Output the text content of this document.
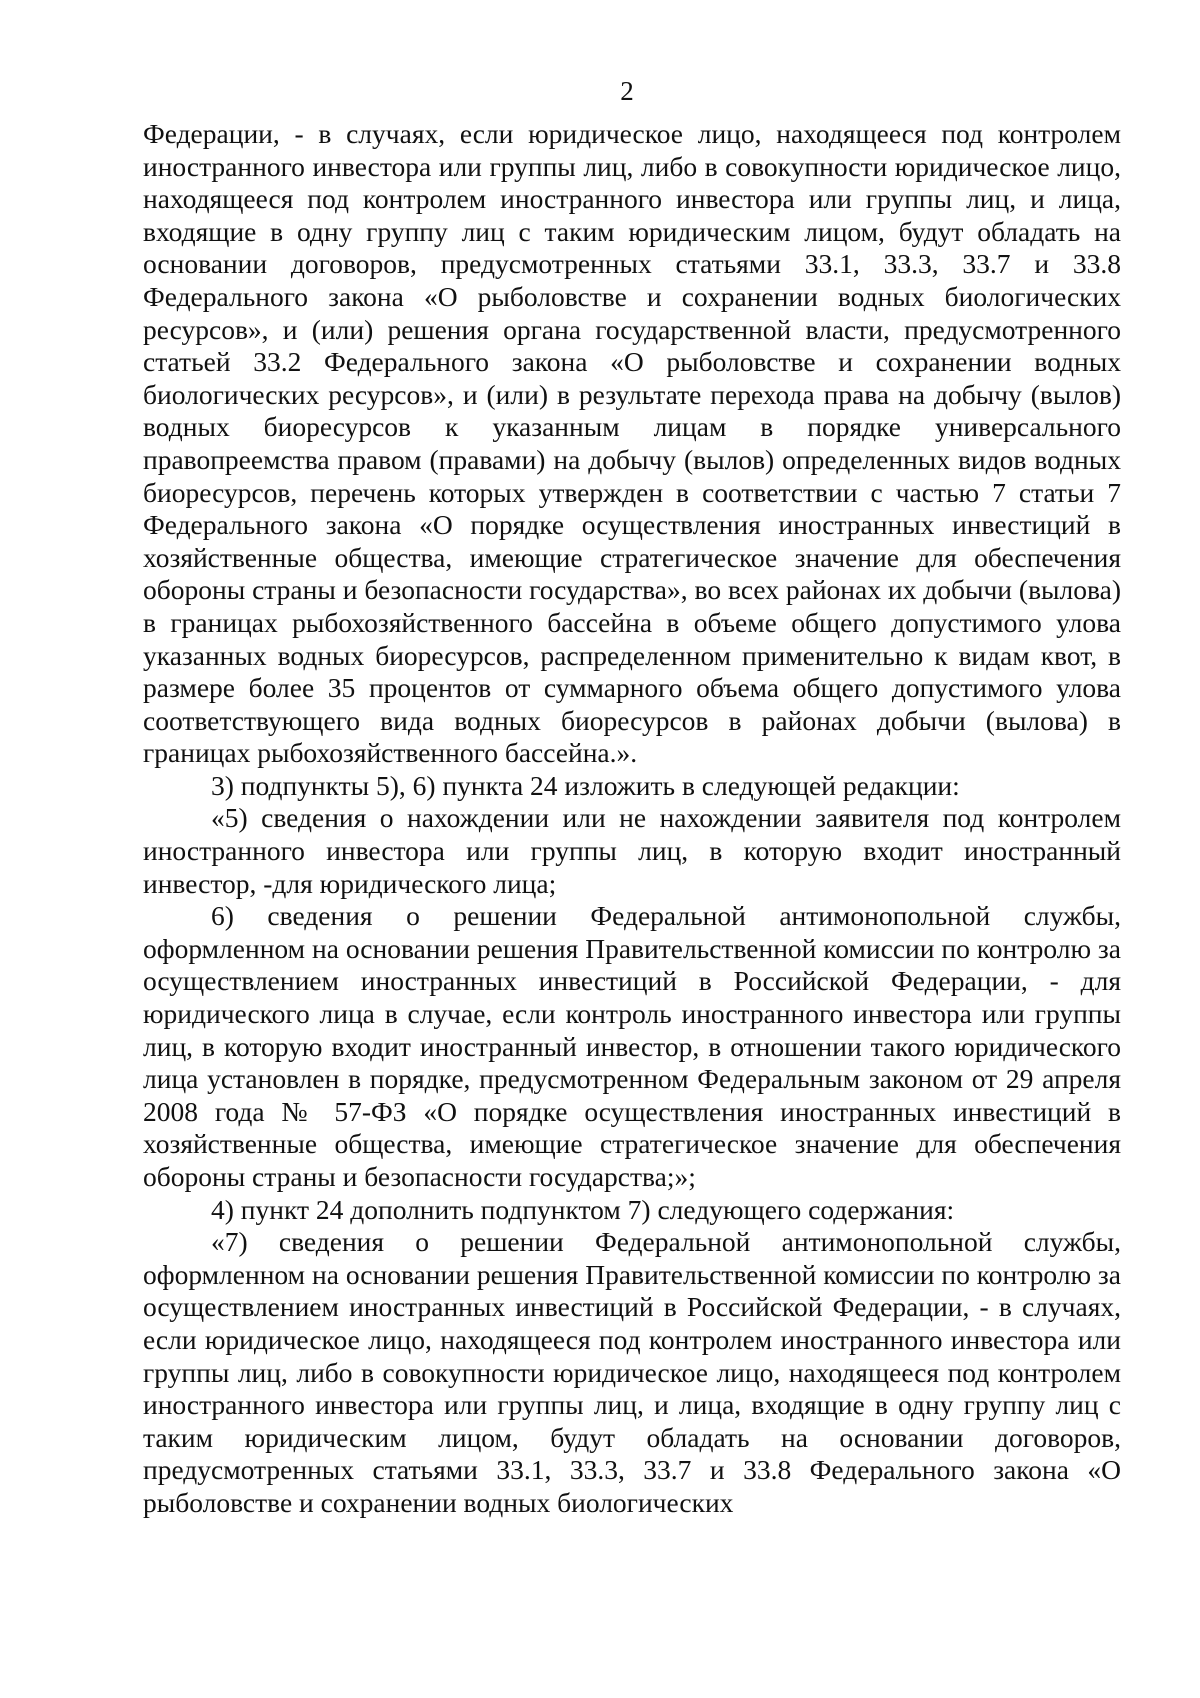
2

Федерации, - в случаях, если юридическое лицо, находящееся под контролем иностранного инвестора или группы лиц, либо в совокупности юридическое лицо, находящееся под контролем иностранного инвестора или группы лиц, и лица, входящие в одну группу лиц с таким юридическим лицом, будут обладать на основании договоров, предусмотренных статьями 33.1, 33.3, 33.7 и 33.8 Федерального закона «О рыболовстве и сохранении водных биологических ресурсов», и (или) решения органа государственной власти, предусмотренного статьей 33.2 Федерального закона «О рыболовстве и сохранении водных биологических ресурсов», и (или) в результате перехода права на добычу (вылов) водных биоресурсов к указанным лицам в порядке универсального правопреемства правом (правами) на добычу (вылов) определенных видов водных биоресурсов, перечень которых утвержден в соответствии с частью 7 статьи 7 Федерального закона «О порядке осуществления иностранных инвестиций в хозяйственные общества, имеющие стратегическое значение для обеспечения обороны страны и безопасности государства», во всех районах их добычи (вылова) в границах рыбохозяйственного бассейна в объеме общего допустимого улова указанных водных биоресурсов, распределенном применительно к видам квот, в размере более 35 процентов от суммарного объема общего допустимого улова соответствующего вида водных биоресурсов в районах добычи (вылова) в границах рыбохозяйственного бассейна.».

3) подпункты 5), 6) пункта 24 изложить в следующей редакции:

«5) сведения о нахождении или не нахождении заявителя под контролем иностранного инвестора или группы лиц, в которую входит иностранный инвестор, -для юридического лица;

6) сведения о решении Федеральной антимонопольной службы, оформленном на основании решения Правительственной комиссии по контролю за осуществлением иностранных инвестиций в Российской Федерации, - для юридического лица в случае, если контроль иностранного инвестора или группы лиц, в которую входит иностранный инвестор, в отношении такого юридического лица установлен в порядке, предусмотренном Федеральным законом от 29 апреля 2008 года № 57-ФЗ «О порядке осуществления иностранных инвестиций в хозяйственные общества, имеющие стратегическое значение для обеспечения обороны страны и безопасности государства;»;

4) пункт 24 дополнить подпунктом 7) следующего содержания:

«7) сведения о решении Федеральной антимонопольной службы, оформленном на основании решения Правительственной комиссии по контролю за осуществлением иностранных инвестиций в Российской Федерации, - в случаях, если юридическое лицо, находящееся под контролем иностранного инвестора или группы лиц, либо в совокупности юридическое лицо, находящееся под контролем иностранного инвестора или группы лиц, и лица, входящие в одну группу лиц с таким юридическим лицом, будут обладать на основании договоров, предусмотренных статьями 33.1, 33.3, 33.7 и 33.8 Федерального закона «О рыболовстве и сохранении водных биологических
